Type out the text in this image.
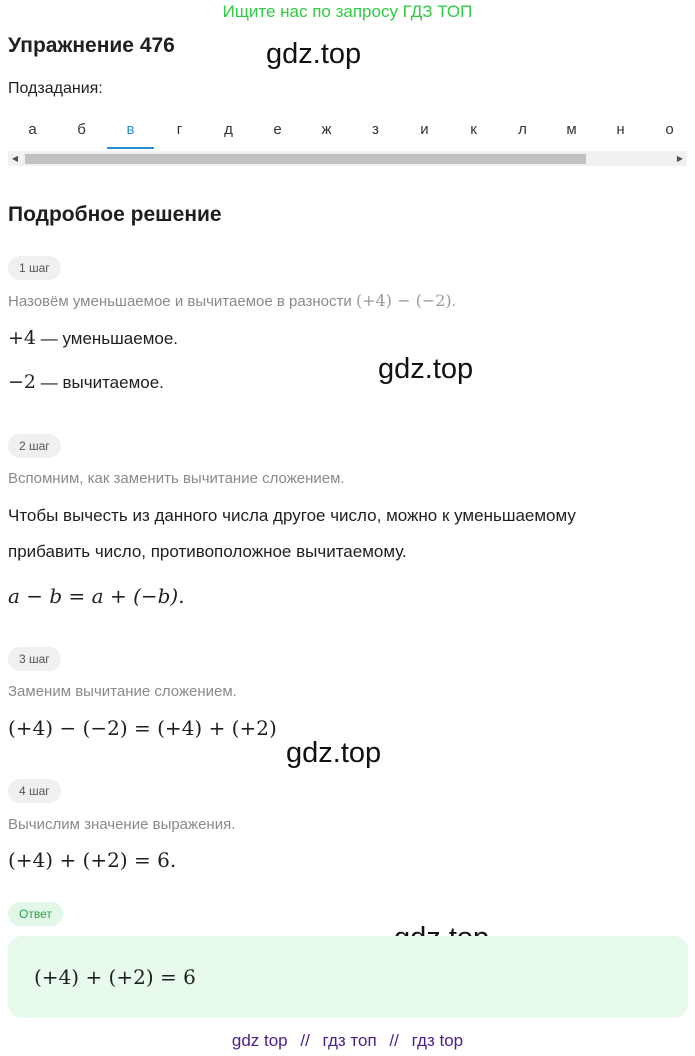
Ищите нас по запросу ГДЗ ТОП
Упражнение 476	gdz.top
gdz.top
gdz.top
Подзадания:
а	б	в	г	д	е	ж	з	и	к	л	м	н	о
◀	▶
Подробное решение
1 шаг
Назовём уменьшаемое и вычитаемое в разности (+4) − (−2).
+4 — уменьшаемое.
−2 — вычитаемое.
2 шаг
Вспомним, как заменить вычитание сложением.
Чтобы вычесть из данного числа другое число, можно к уменьшаемому
прибавить число, противоположное вычитаемому.
a − b = a + (−b).
3 шаг
Заменим вычитание сложением.
(+4) − (−2) = (+4) + (+2)
4 шаг
Вычислим значение выражения.
(+4) + (+2) = 6.
Ответ
(+4) + (+2) = 6
gdz top // гдз топ // гдз top
